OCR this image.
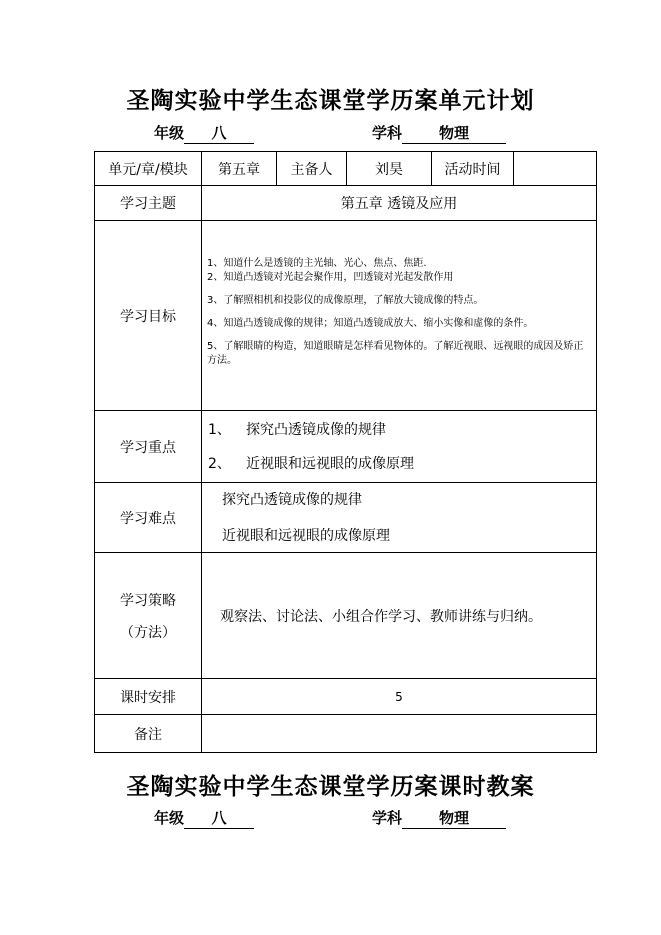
圣陶实验中学生态课堂学历案单元计划
年级 八	学科 物理
单元/章/模块	第五章	主备人	刘昊	活动时间	
学习主题	第五章 透镜及应用				
学习目标	1、知道什么是透镜的主光轴、光心、焦点、焦距.

2、知道凸透镜对光起会聚作用，凹透镜对光起发散作用

3、了解照相机和投影仪的成像原理，了解放大镜成像的特点。

4、知道凸透镜成像的规律；知道凸透镜成放大、缩小实像和虚像的条件。

5、了解眼睛的构造，知道眼睛是怎样看见物体的。了解近视眼、远视眼的成因及矫正方法。				

学习重点	1、 探究凸透镜成像的规律

2、 近视眼和远视眼的成像原理				

学习难点	探究凸透镜成像的规律

近视眼和远视眼的成像原理				

学习策略
（方法）	观察法、讨论法、小组合作学习、教师讲练与归纳。				
课时安排	5				
备注					
圣陶实验中学生态课堂学历案课时教案
年级 八	学科 物理
